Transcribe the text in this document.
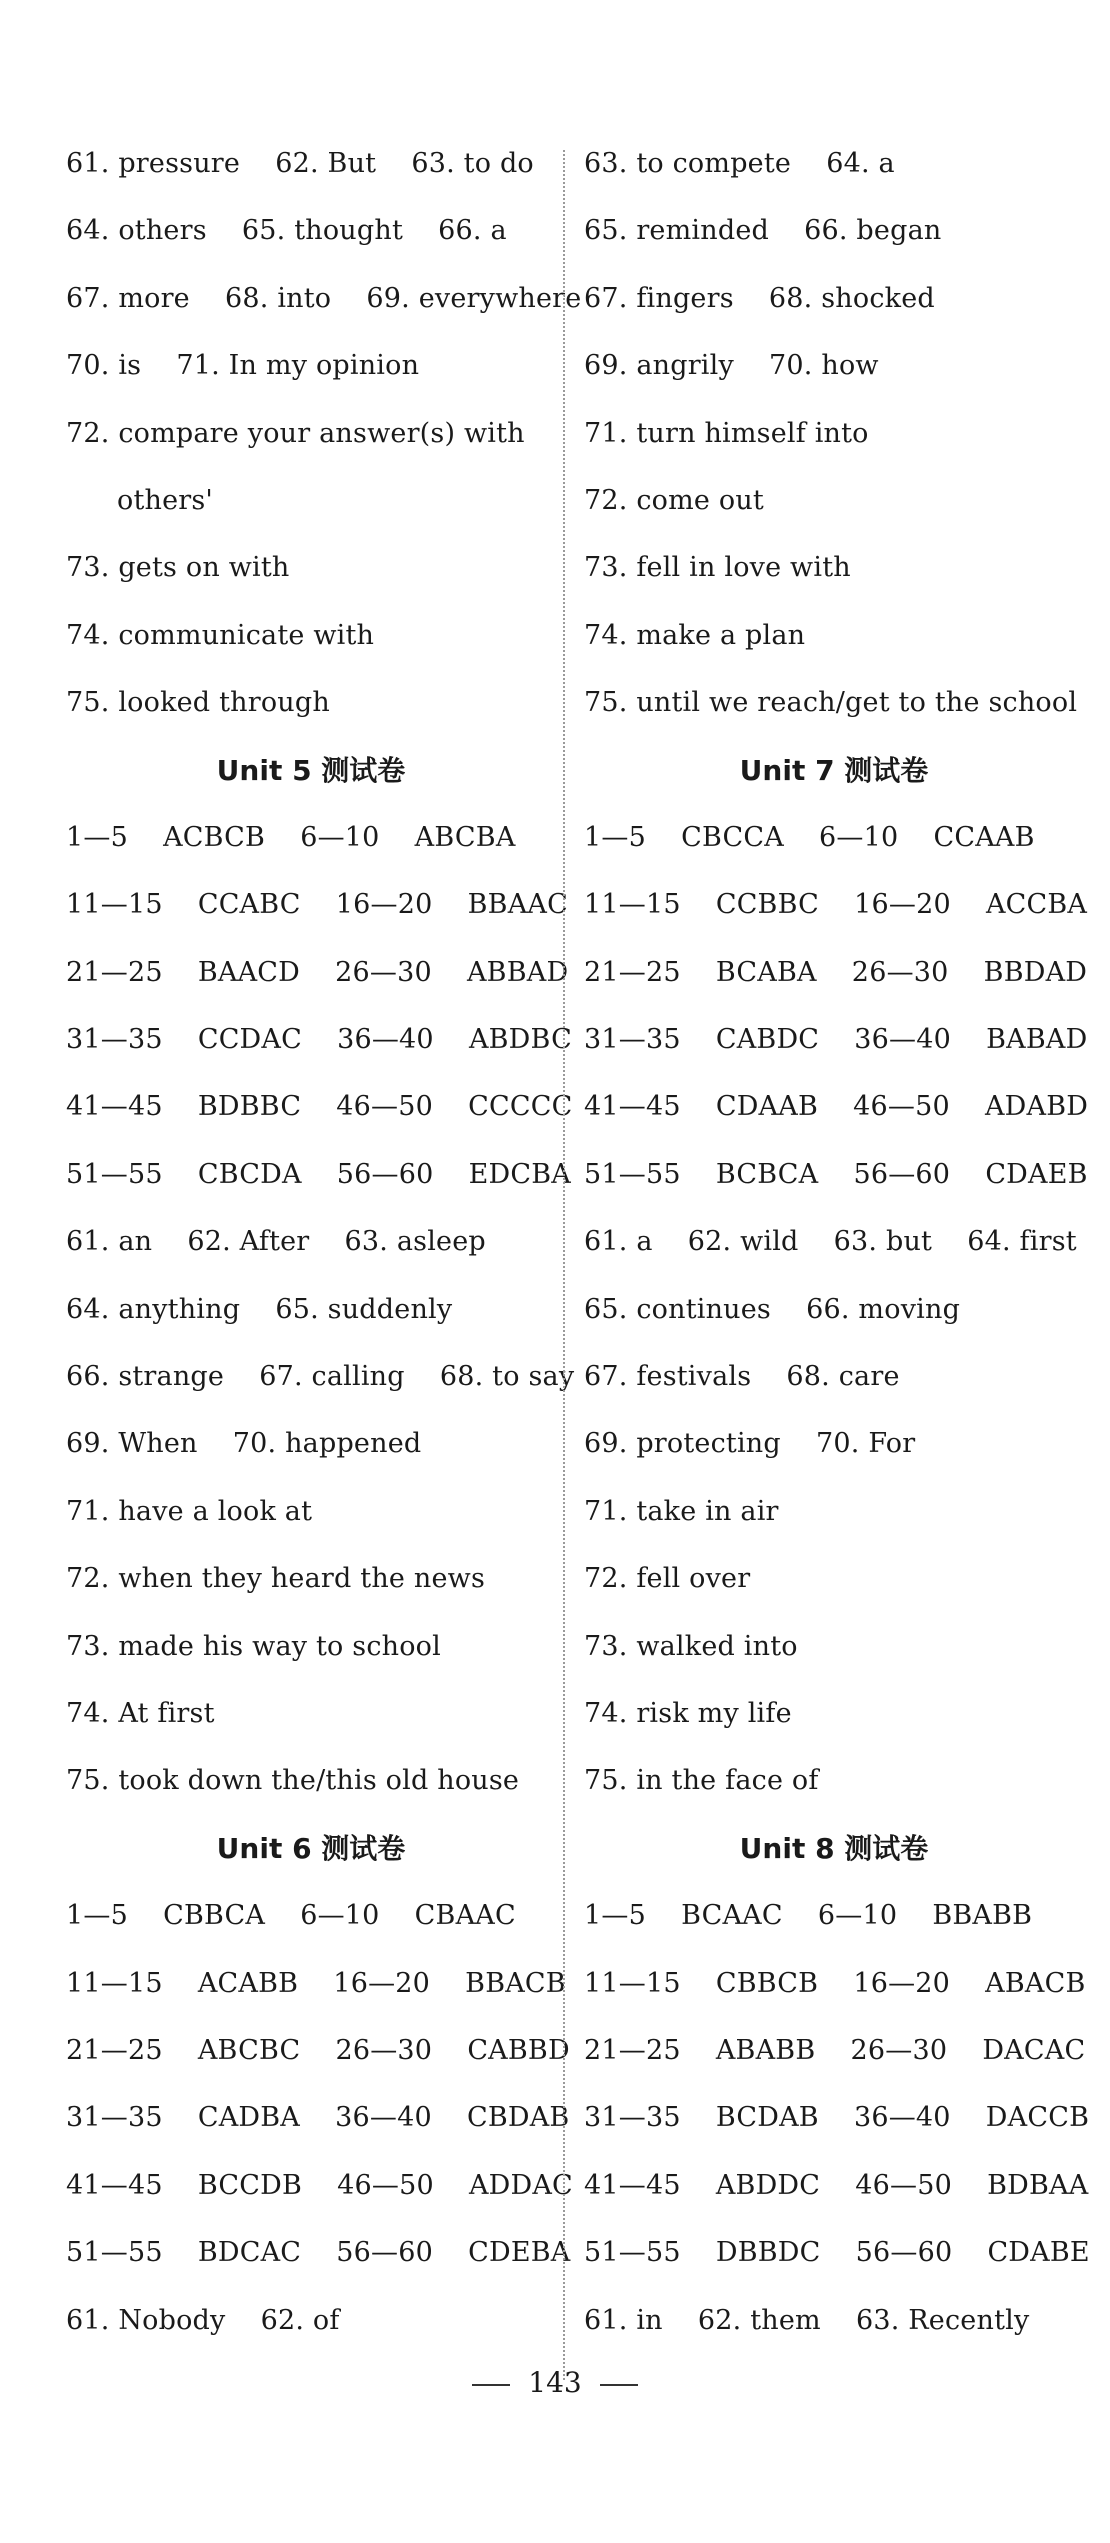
61. pressure    62. But    63. to do
64. others    65. thought    66. a
67. more    68. into    69. everywhere
70. is    71. In my opinion
72. compare your answer(s) with
others'
73. gets on with
74. communicate with
75. looked through
Unit 5 测试卷
1—5    ACBCB    6—10    ABCBA
11—15    CCABC    16—20    BBAAC
21—25    BAACD    26—30    ABBAD
31—35    CCDAC    36—40    ABDBC
41—45    BDBBC    46—50    CCCCC
51—55    CBCDA    56—60    EDCBA
61. an    62. After    63. asleep
64. anything    65. suddenly
66. strange    67. calling    68. to say
69. When    70. happened
71. have a look at
72. when they heard the news
73. made his way to school
74. At first
75. took down the/this old house
Unit 6 测试卷
1—5    CBBCA    6—10    CBAAC
11—15    ACABB    16—20    BBACB
21—25    ABCBC    26—30    CABBD
31—35    CADBA    36—40    CBDAB
41—45    BCCDB    46—50    ADDAC
51—55    BDCAC    56—60    CDEBA
61. Nobody    62. of
63. to compete    64. a
65. reminded    66. began
67. fingers    68. shocked
69. angrily    70. how
71. turn himself into
72. come out
73. fell in love with
74. make a plan
75. until we reach/get to the school
Unit 7 测试卷
1—5    CBCCA    6—10    CCAAB
11—15    CCBBC    16—20    ACCBA
21—25    BCABA    26—30    BBDAD
31—35    CABDC    36—40    BABAD
41—45    CDAAB    46—50    ADABD
51—55    BCBCA    56—60    CDAEB
61. a    62. wild    63. but    64. first
65. continues    66. moving
67. festivals    68. care
69. protecting    70. For
71. take in air
72. fell over
73. walked into
74. risk my life
75. in the face of
Unit 8 测试卷
1—5    BCAAC    6—10    BBABB
11—15    CBBCB    16—20    ABACB
21—25    ABABB    26—30    DACAC
31—35    BCDAB    36—40    DACCB
41—45    ABDDC    46—50    BDBAA
51—55    DBBDC    56—60    CDABE
61. in    62. them    63. Recently
143
